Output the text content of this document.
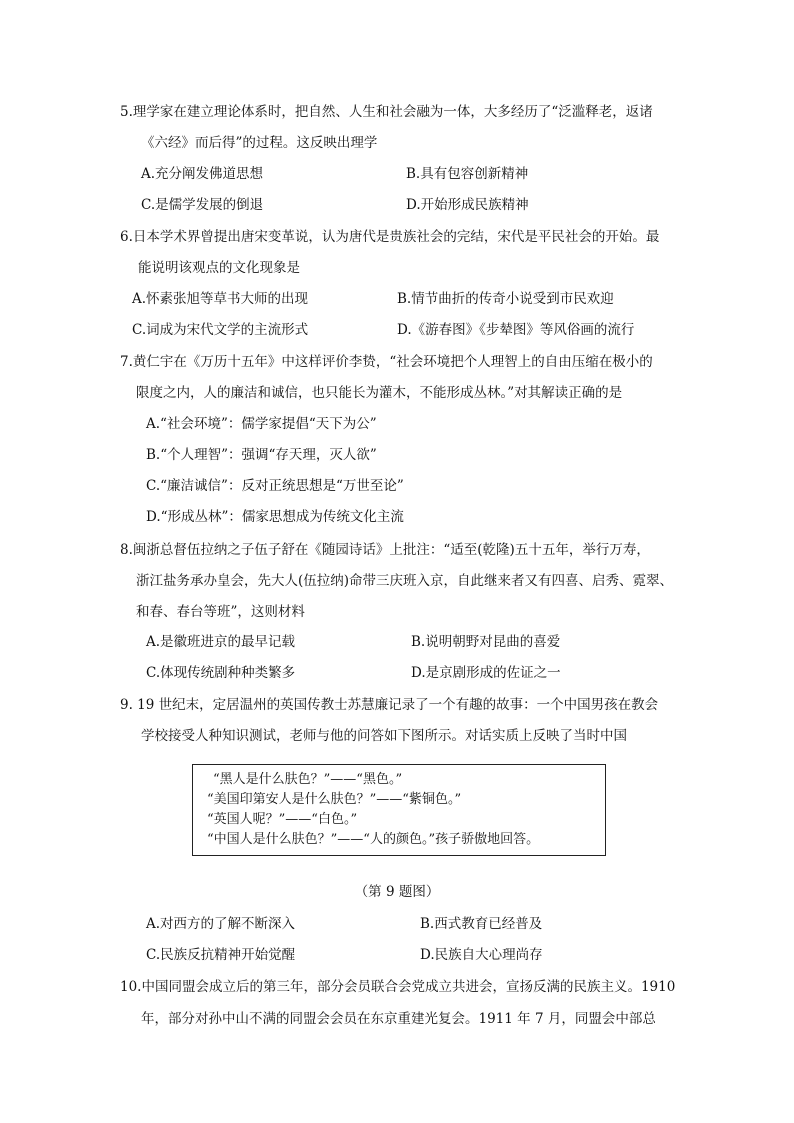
5.理学家在建立理论体系时，把自然、人生和社会融为一体，大多经历了“泛滥释老，返诸
《六经》而后得”的过程。这反映出理学
A.充分阐发佛道思想	B.具有包容创新精神
C.是儒学发展的倒退	D.开始形成民族精神
6.日本学术界曾提出唐宋变革说，认为唐代是贵族社会的完结，宋代是平民社会的开始。最
能说明该观点的文化现象是
A.怀素张旭等草书大师的出现	B.情节曲折的传奇小说受到市民欢迎
C.词成为宋代文学的主流形式	D.《游春图》《步辇图》等风俗画的流行
7.黄仁宇在《万历十五年》中这样评价李贽，“社会环境把个人理智上的自由压缩在极小的
限度之内，人的廉洁和诚信，也只能长为灌木，不能形成丛林。”对其解读正确的是
A.“社会环境”：儒学家提倡“天下为公”
B.“个人理智”：强调“存天理，灭人欲”
C.“廉洁诚信”：反对正统思想是“万世至论”
D.“形成丛林”：儒家思想成为传统文化主流
8.闽浙总督伍拉纳之子伍子舒在《随园诗话》上批注：“适至(乾隆)五十五年，举行万寿，
浙江盐务承办皇会，先大人(伍拉纳)命带三庆班入京，自此继来者又有四喜、启秀、霓翠、
和春、春台等班”，这则材料
A.是徽班进京的最早记载	B.说明朝野对昆曲的喜爱
C.体现传统剧种种类繁多	D.是京剧形成的佐证之一
9. 19 世纪末，定居温州的英国传教士苏慧廉记录了一个有趣的故事：一个中国男孩在教会
学校接受人种知识测试，老师与他的问答如下图所示。对话实质上反映了当时中国
“黑人是什么肤色？”——“黑色。”
“美国印第安人是什么肤色？”——“紫铜色。”
“英国人呢？”——“白色。”
“中国人是什么肤色？”——“人的颜色。”孩子骄傲地回答。
（第 9 题图）
A.对西方的了解不断深入	B.西式教育已经普及
C.民族反抗精神开始觉醒	D.民族自大心理尚存
10.中国同盟会成立后的第三年，部分会员联合会党成立共进会，宣扬反满的民族主义。1910
年，部分对孙中山不满的同盟会会员在东京重建光复会。1911 年 7 月，同盟会中部总
